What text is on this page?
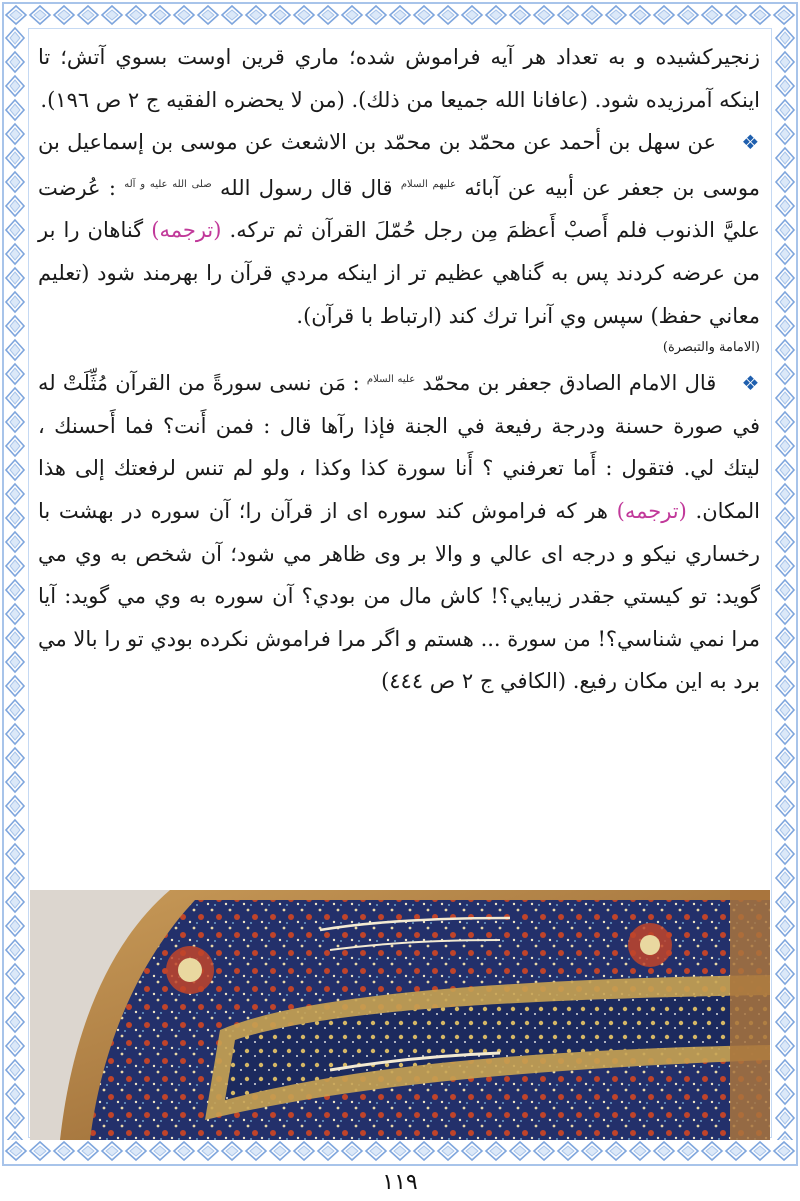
زنجيركشيده و به تعداد هر آيه فراموش شده؛ ماري قرين اوست بسوي آتش؛ تا اينكه آمرزيده شود. (عافانا الله جميعا من ذلك). (من لا يحضره الفقيه ج ٢ ص ١٩٦).

❖ عن سهل بن أحمد عن محمّد بن محمّد بن الاشعث عن موسى بن إسماعيل بن موسى بن جعفر عن أبيه عن آبائه $^{علیهم السلام}$ قال قال رسول الله $^{صلی الله علیه و آله}$ : عُرضت عليَّ الذنوب فلم أَصبْ أَعظمَ مِن رجل حُمّلَ القرآن ثم تركه. (ترجمه) گناهان را بر من عرضه كردند پس به گناهي عظيم تر از اينكه مردي قرآن را بهرمند شود (تعليم معاني حفظ) سپس وي آنرا ترك كند (ارتباط با قرآن).
(الامامة والتبصرة)

❖ قال الامام الصادق جعفر بن محمّد $^{علیه السلام}$ : مَن نسى سورةً من القرآن مُثِّلَتْ له في صورة حسنة ودرجة رفيعة في الجنة فإذا رآها قال : فمن أَنت؟ فما أَحسنك ، ليتك لي. فتقول : أَما تعرفني ؟ أَنا سورة كذا وكذا ، ولو لم تنس لرفعتك إلى هذا المكان. (ترجمه) هر كه فراموش كند سوره اى از قرآن را؛ آن سوره در بهشت با رخساري نيكو و درجه اى عالي و والا بر وى ظاهر مي شود؛ آن شخص به وي مي گويد: تو كيستي جقدر زيبايي؟! كاش مال من بودي؟ آن سوره به وي مي گويد: آيا مرا نمي شناسي؟! من سورة ... هستم و اگر مرا فراموش نكرده بودي تو را بالا مي برد به اين مكان رفيع. (الكافي ج ٢ ص ٤٤٤)

١١٩
